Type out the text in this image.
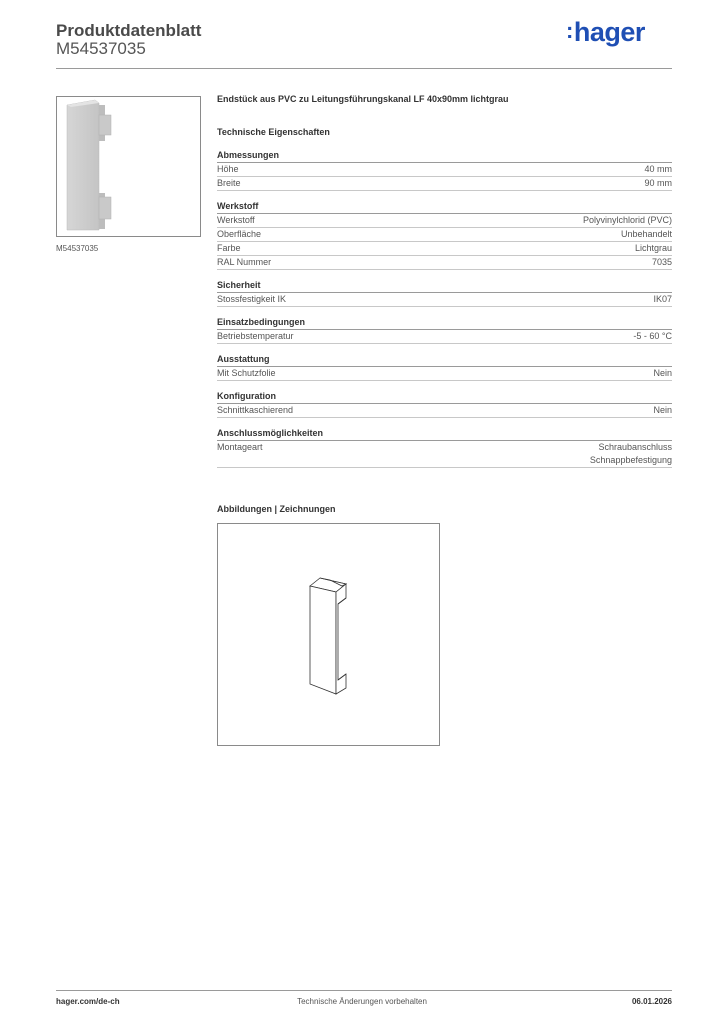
Produktdatenblatt
M54537035
:hager
M54537035
Endstück aus PVC zu Leitungsführungskanal LF 40x90mm lichtgrau
Technische Eigenschaften
Abmessungen
Höhe	40 mm
Breite	90 mm
Werkstoff
Werkstoff	Polyvinylchlorid (PVC)
Oberfläche	Unbehandelt
Farbe	Lichtgrau
RAL Nummer	7035
Sicherheit
Stossfestigkeit IK	IK07
Einsatzbedingungen
Betriebstemperatur	-5 - 60 °C
Ausstattung
Mit Schutzfolie	Nein
Konfiguration
Schnittkaschierend	Nein
Anschlussmöglichkeiten
Montageart	Schraubanschluss
Schnappbefestigung
Abbildungen | Zeichnungen
hager.com/de-ch	Technische Änderungen vorbehalten	06.01.2026
